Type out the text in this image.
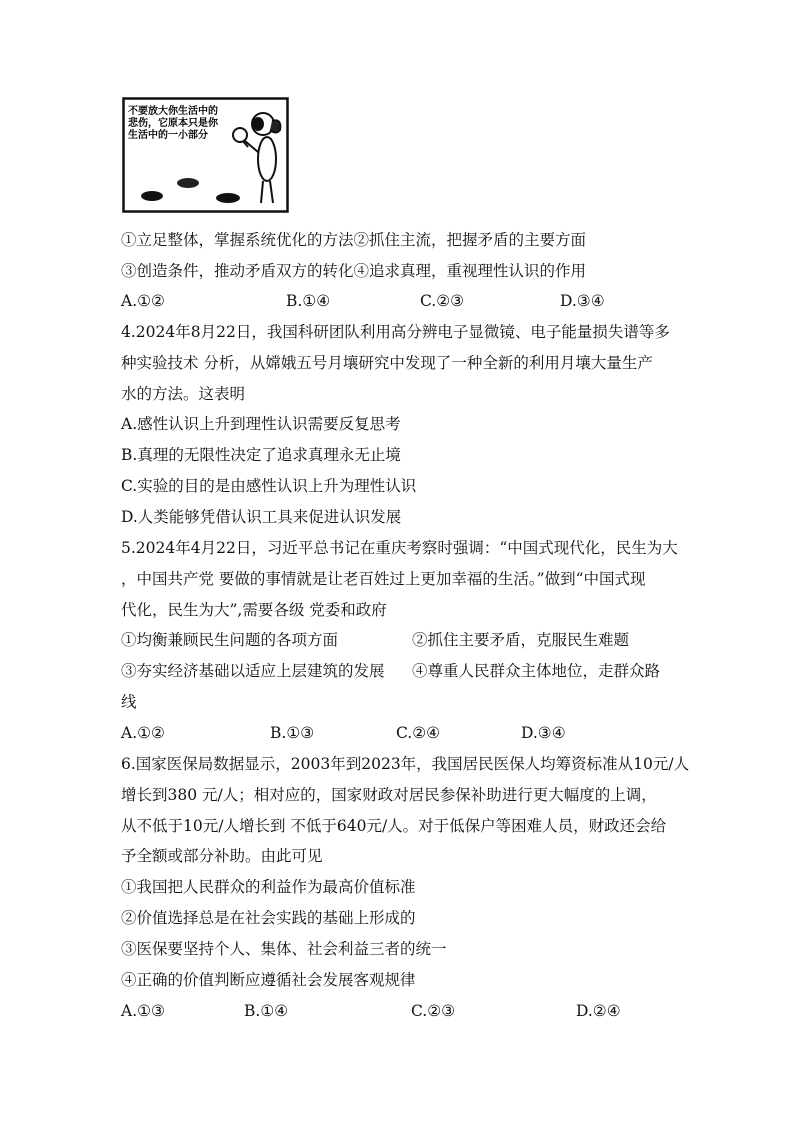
不要放大你生活中的
悲伤，它原本只是你
生活中的一小部分
①立足整体，掌握系统优化的方法②抓住主流，把握矛盾的主要方面
③创造条件，推动矛盾双方的转化④追求真理，重视理性认识的作用
A.①②	B.①④	C.②③	D.③④
4.2024年8月22日，我国科研团队利用高分辨电子显微镜、电子能量损失谱等多
种实验技术 分析，从嫦娥五号月壤研究中发现了一种全新的利用月壤大量生产
水的方法。这表明
A.感性认识上升到理性认识需要反复思考
B.真理的无限性决定了追求真理永无止境
C.实验的目的是由感性认识上升为理性认识
D.人类能够凭借认识工具来促进认识发展
5.2024年4月22日，习近平总书记在重庆考察时强调：“中国式现代化，民生为大
，中国共产党 要做的事情就是让老百姓过上更加幸福的生活。”做到“中国式现
代化，民生为大”,需要各级 党委和政府
①均衡兼顾民生问题的各项方面	②抓住主要矛盾，克服民生难题
③夯实经济基础以适应上层建筑的发展 ④尊重人民群众主体地位，走群众路
线
A.①②	B.①③	C.②④	D.③④
6.国家医保局数据显示，2003年到2023年，我国居民医保人均筹资标准从10元/人
增长到380 元/人；相对应的，国家财政对居民参保补助进行更大幅度的上调，
从不低于10元/人增长到 不低于640元/人。对于低保户等困难人员，财政还会给
予全额或部分补助。由此可见
①我国把人民群众的利益作为最高价值标准
②价值选择总是在社会实践的基础上形成的
③医保要坚持个人、集体、社会利益三者的统一
④正确的价值判断应遵循社会发展客观规律
A.①③	B.①④	C.②③	D.②④
